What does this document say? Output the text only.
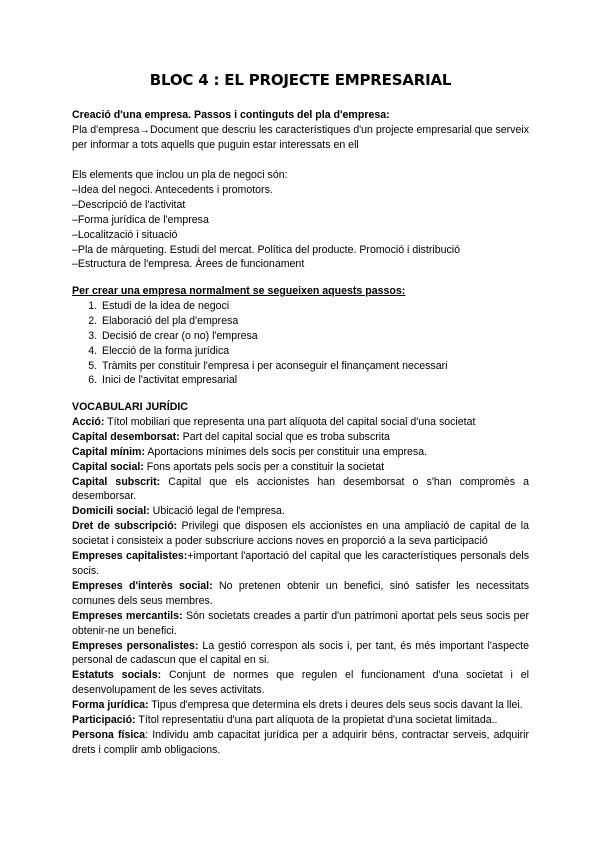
BLOC 4 : EL PROJECTE EMPRESARIAL

Creació d'una empresa. Passos i continguts del pla d'empresa:

Pla d'empresa→Document que descriu les característiques d'un projecte empresarial que serveix per informar a tots aquells que puguin estar interessats en ell

Els elements que inclou un pla de negoci són:

–Idea del negoci. Antecedents i promotors.

–Descripció de l'activitat

–Forma jurídica de l'empresa

–Localització i situació

–Pla de màrqueting. Estudi del mercat. Política del producte. Promoció i distribució

–Estructura de l'empresa. Àrees de funcionament

Per crear una empresa normalment se segueixen aquests passos:

1. Estudi de la idea de negoci
2. Elaboració del pla d'empresa
3. Decisió de crear (o no) l'empresa
4. Elecció de la forma jurídica
5. Tràmits per constituir l'empresa i per aconseguir el finançament necessari
6. Inici de l'activitat empresarial

VOCABULARI JURÍDIC

Acció: Títol mobiliari que representa una part alíquota del capital social d'una societat

Capital desemborsat: Part del capital social que es troba subscrita

Capital mínim: Aportacions mínimes dels socis per constituir una empresa.

Capital social: Fons aportats pels socis per a constituir la societat

Capital subscrit: Capital que els accionistes han desemborsat o s'han compromès a desemborsar.

Domicili social: Ubicació legal de l'empresa.

Dret de subscripció: Privilegi que disposen els accionistes en una ampliació de capital de la societat i consisteix a poder subscriure accions noves en proporció a la seva participació

Empreses capitalistes:+important l'aportació del capital que les característiques personals dels socis.

Empreses d'interès social: No pretenen obtenir un benefici, sinó satisfer les necessitats comunes dels seus membres.

Empreses mercantils: Són societats creades a partir d'un patrimoni aportat pels seus socis per obtenir-ne un benefici.

Empreses personalistes: La gestió correspon als socis i, per tant, és més important l'aspecte personal de cadascun que el capital en si.

Estatuts socials: Conjunt de normes que regulen el funcionament d'una societat i el desenvolupament de les seves activitats.

Forma jurídica: Tipus d'empresa que determina els drets i deures dels seus socis davant la llei.

Participació: Títol representatiu d'una part alíquota de la propietat d'una societat limitada..

Persona física: Individu amb capacitat jurídica per a adquirir béns, contractar serveis, adquirir drets i complir amb obligacions.
